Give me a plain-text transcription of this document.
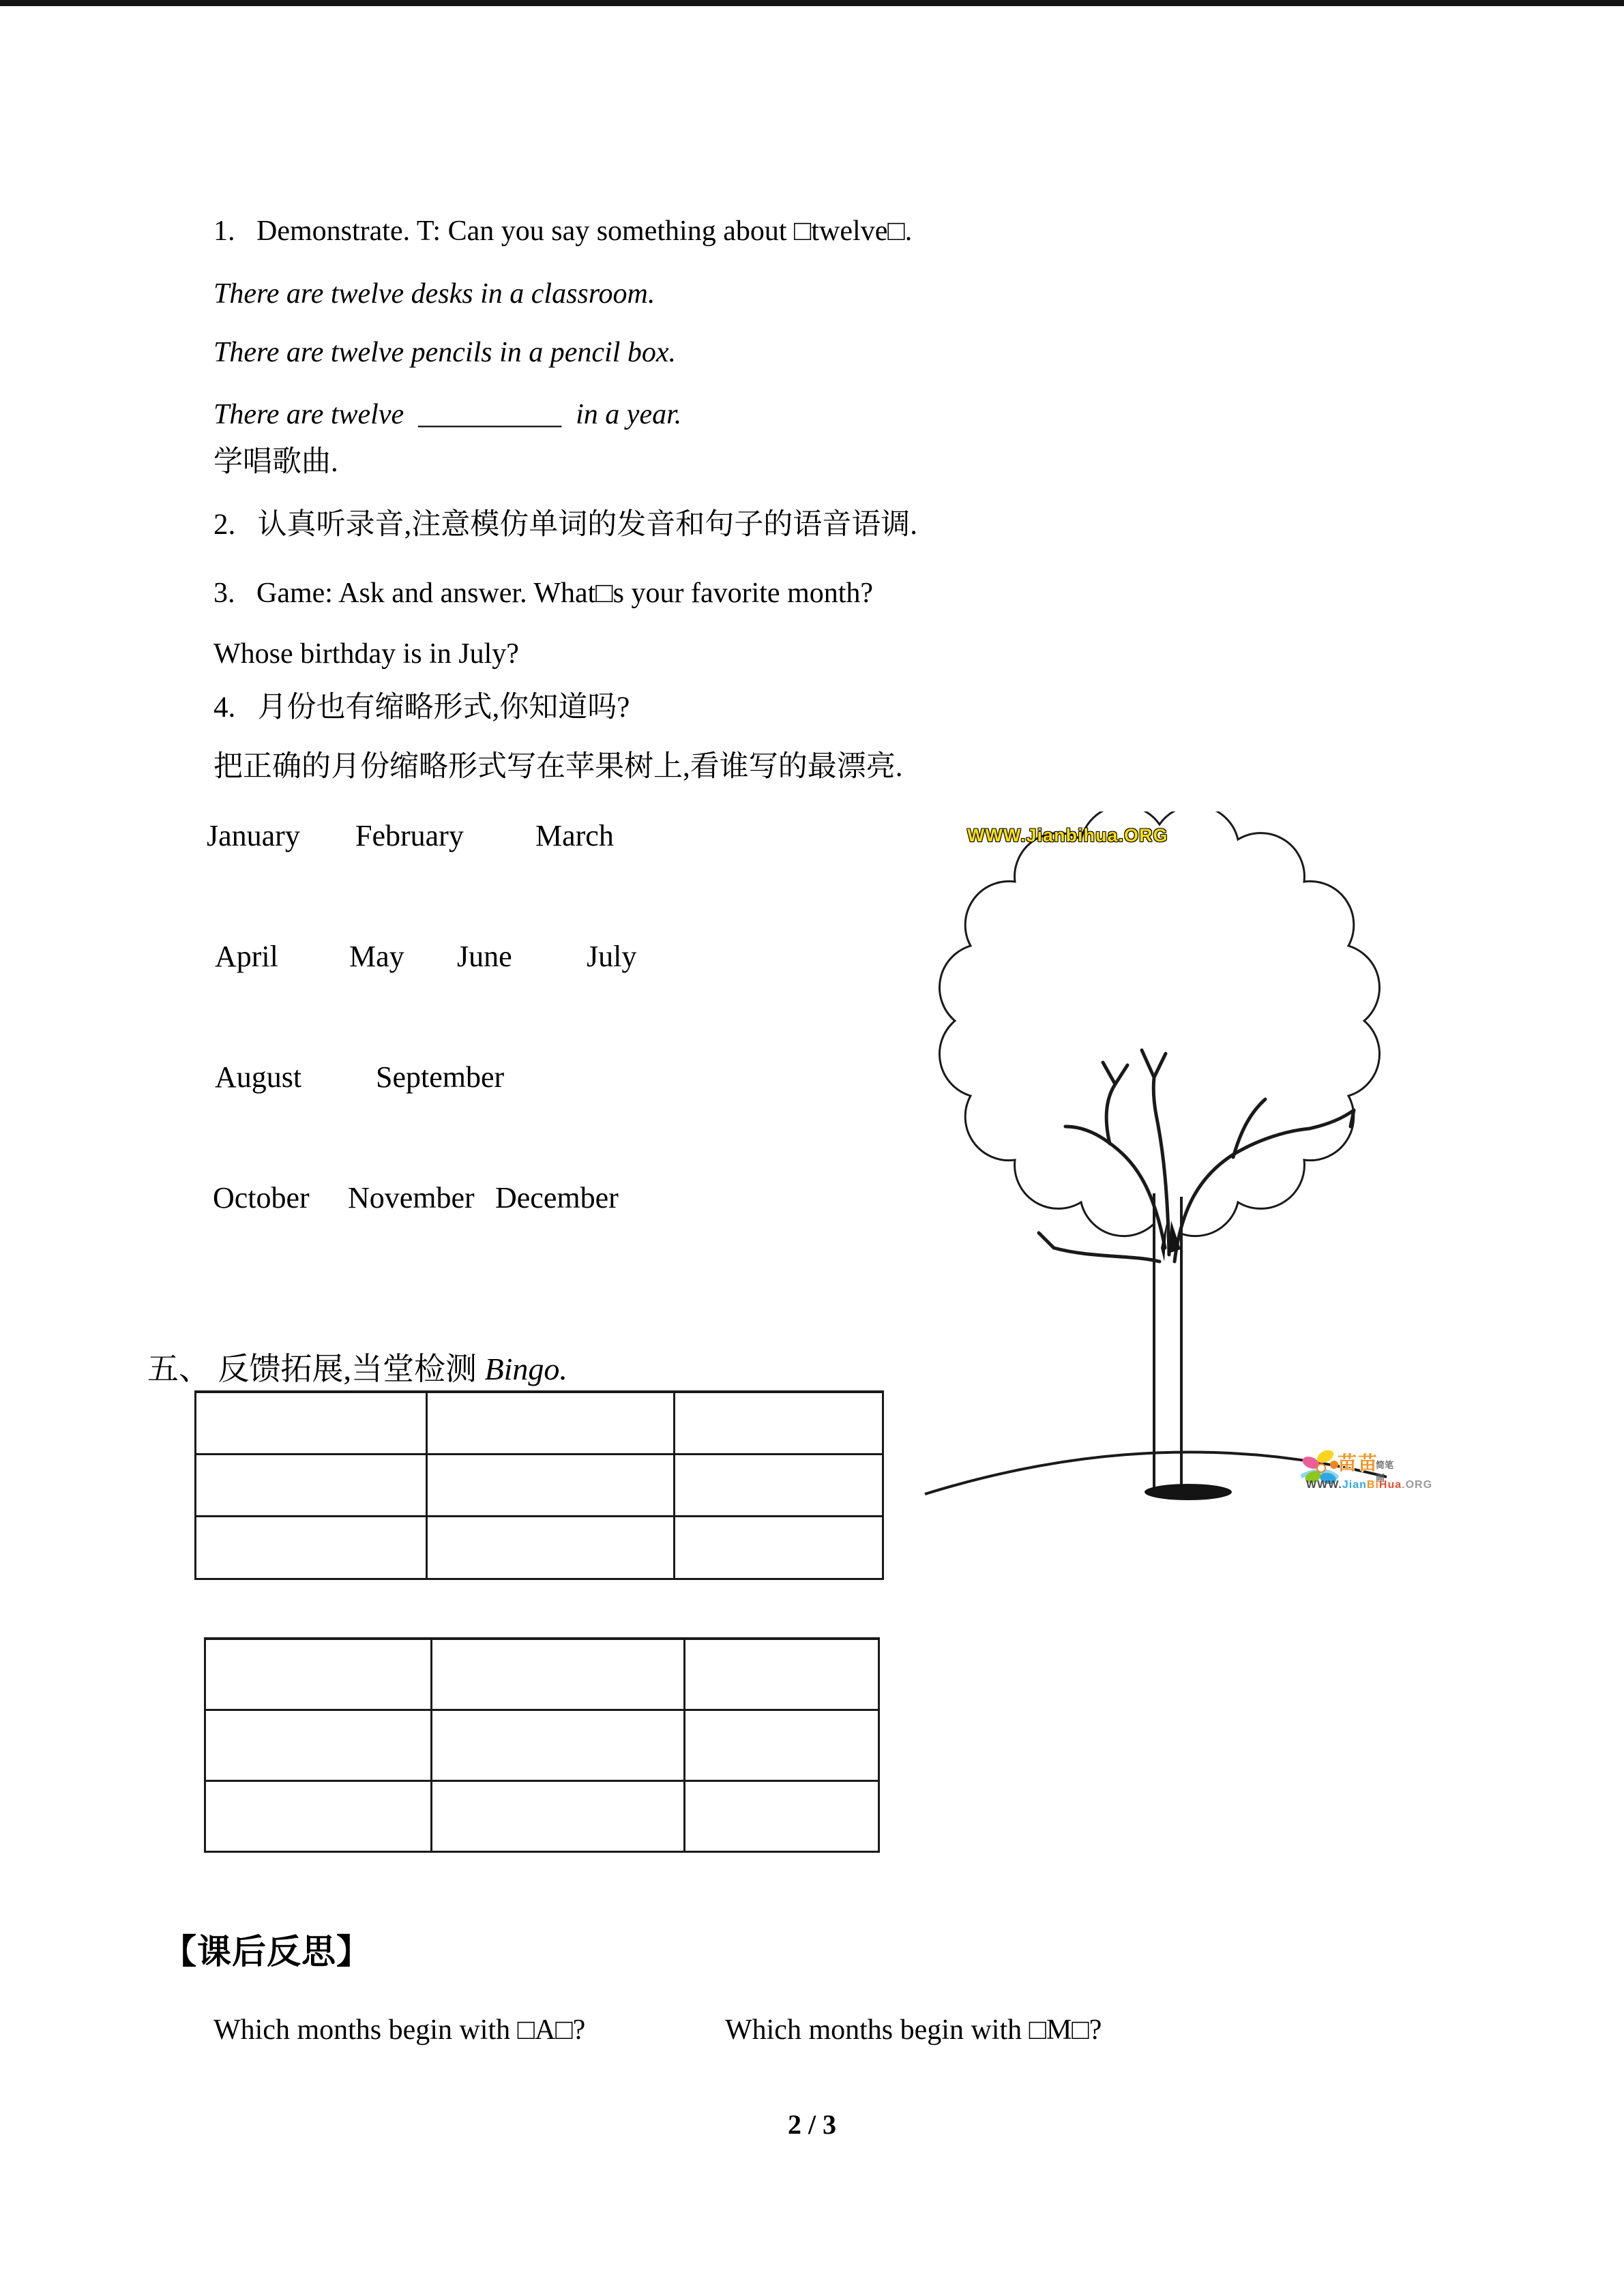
1.   Demonstrate. T: Can you say something about □twelve□.
There are twelve desks in a classroom.
There are twelve pencils in a pencil box.
There are twelve  __________  in a year.
学唱歌曲.
2.   认真听录音,注意模仿单词的发音和句子的语音语调.
3.   Game: Ask and answer. What□s your favorite month?
Whose birthday is in July?
4.   月份也有缩略形式,你知道吗?
把正确的月份缩略形式写在苹果树上,看谁写的最漂亮.
January February March
April May June July
August September
October November December
WWW.Jianbihua.ORG
五、 反馈拓展,当堂检测 Bingo.
苗苗
简笔画
WWW.JianBiHua.ORG
【课后反思】
Which months begin with □A□?	Which months begin with □M□?
2 / 3
